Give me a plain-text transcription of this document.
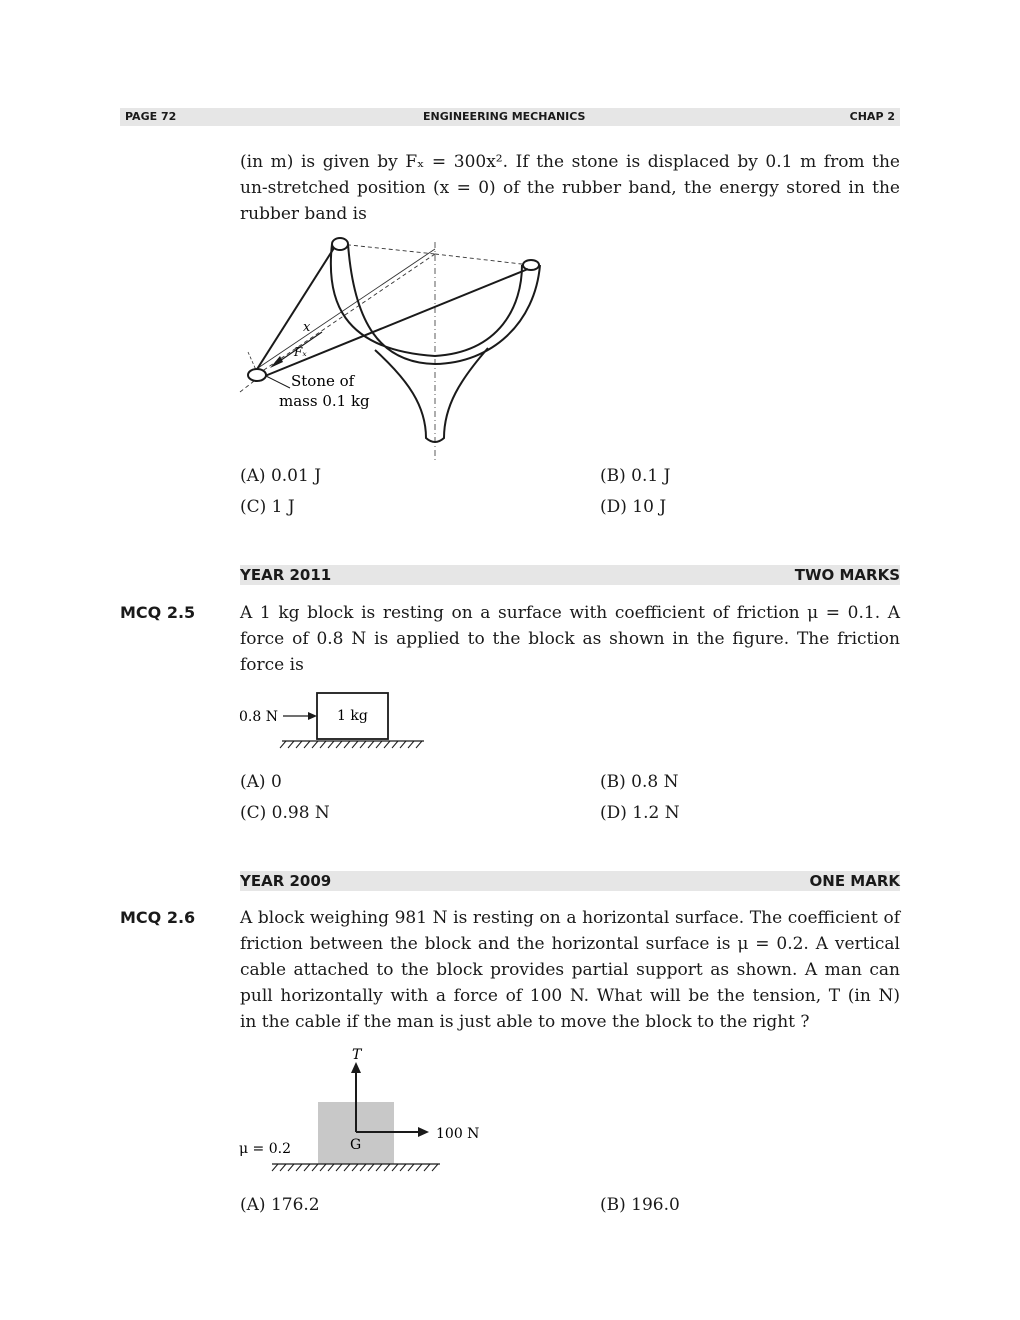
PAGE 72	ENGINEERING MECHANICS	CHAP 2
(in m) is given by Fₓ = 300x². If the stone is displaced by 0.1 m from the
un-stretched position (x = 0) of the rubber band, the energy stored in the
rubber band is
x
Fₓ
Stone of
mass 0.1 kg
(A) 0.01 J	(B) 0.1 J
(C) 1 J	(D) 10 J
YEAR 2011	TWO MARKS
MCQ 2.5	A 1 kg block is resting on a surface with coefficient of friction μ = 0.1. A
force of 0.8 N is applied to the block as shown in the figure. The friction
force is
0.8 N	1 kg
(A) 0	(B) 0.8 N
(C) 0.98 N	(D) 1.2 N
YEAR 2009	ONE MARK
MCQ 2.6	A block weighing 981 N is resting on a horizontal surface. The coefficient of
friction between the block and the horizontal surface is μ = 0.2. A vertical
cable attached to the block provides partial support as shown. A man can
pull horizontally with a force of 100 N. What will be the tension, T (in N)
in the cable if the man is just able to move the block to the right ?
T
100 N
G
μ = 0.2
(A) 176.2	(B) 196.0
